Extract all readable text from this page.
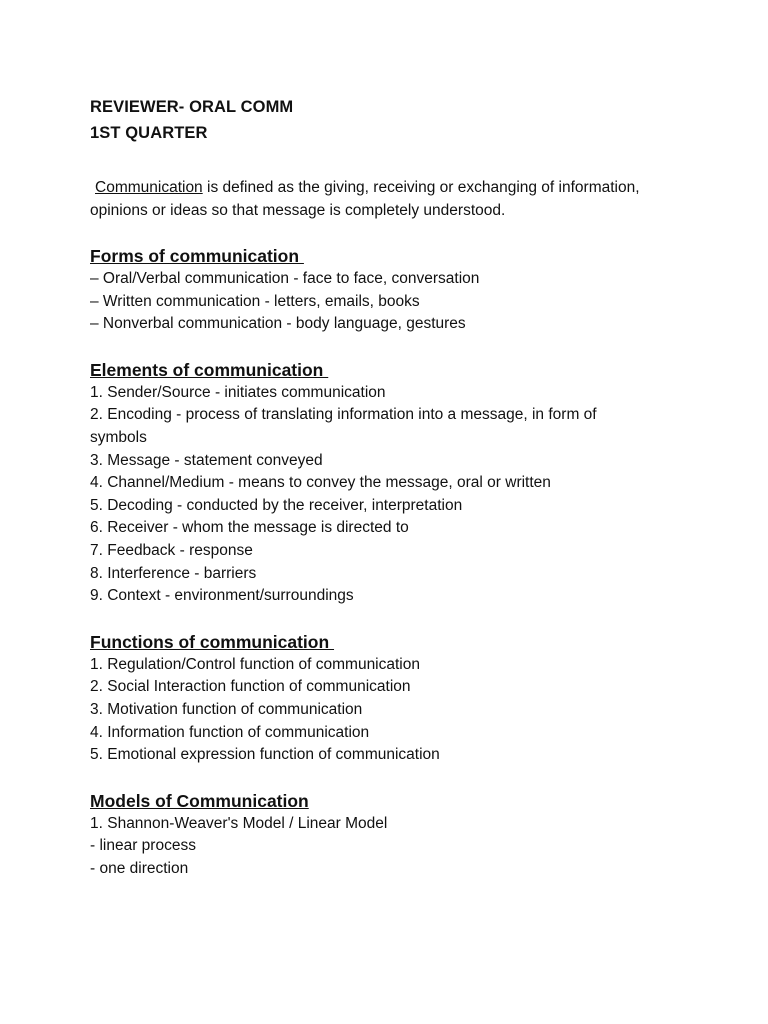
REVIEWER- ORAL COMM
1ST QUARTER

Communication is defined as the giving, receiving or exchanging of information, opinions or ideas so that message is completely understood.

Forms of communication
– Oral/Verbal communication - face to face, conversation
– Written communication - letters, emails, books
– Nonverbal communication - body language, gestures
Elements of communication
1. Sender/Source - initiates communication
2. Encoding - process of translating information into a message, in form of symbols
3. Message - statement conveyed
4. Channel/Medium - means to convey the message, oral or written
5. Decoding - conducted by the receiver, interpretation
6. Receiver - whom the message is directed to
7. Feedback - response
8. Interference - barriers
9. Context - environment/surroundings
Functions of communication
1. Regulation/Control function of communication
2. Social Interaction function of communication
3. Motivation function of communication
4. Information function of communication
5. Emotional expression function of communication
Models of Communication
1. Shannon-Weaver's Model / Linear Model
- linear process
- one direction
